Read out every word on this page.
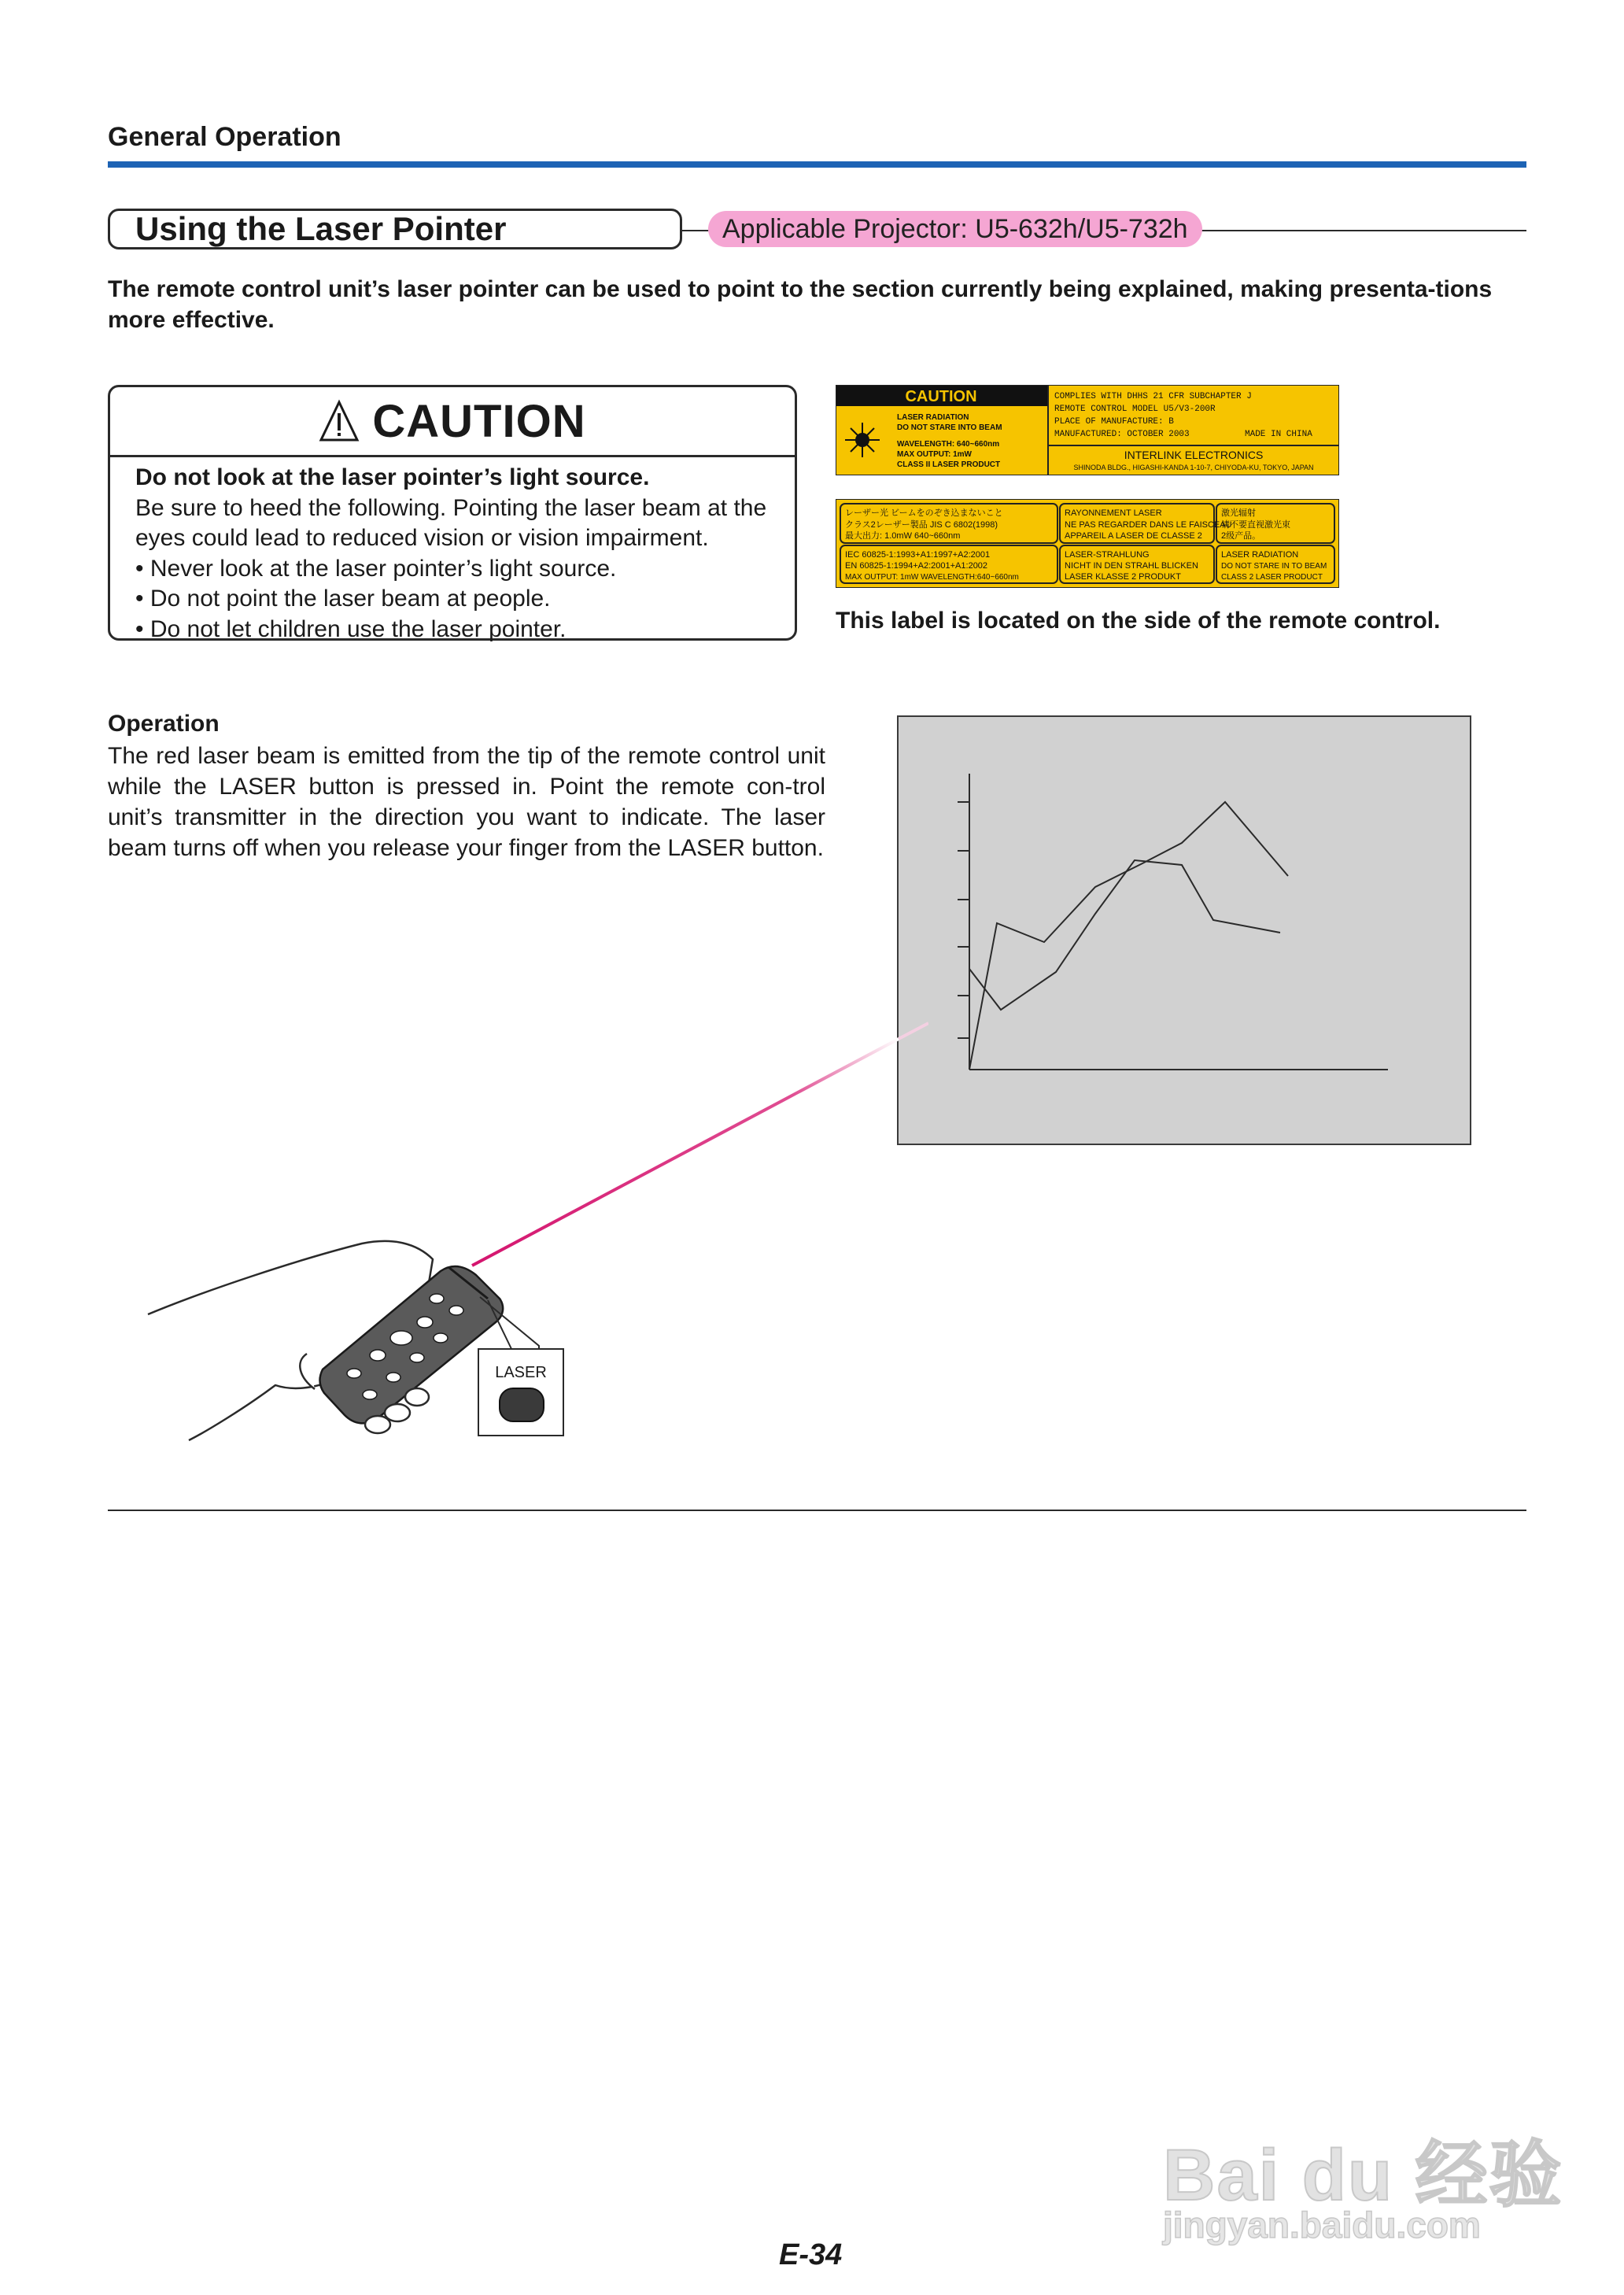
General Operation
Using the Laser Pointer	Applicable Projector: U5-632h/U5-732h
The remote control unit’s laser pointer can be used to point to the section currently being explained, making presenta-tions more effective.
CAUTION
Do not look at the laser pointer’s light source.
Be sure to heed the following. Pointing the laser beam at the eyes could lead to reduced vision or vision impairment.
• Never look at the laser pointer’s light source.
• Do not point the laser beam at people.
• Do not let children use the laser pointer.
CAUTION
LASER RADIATION
DO NOT STARE INTO BEAM
WAVELENGTH: 640~660nm
MAX OUTPUT: 1mW
CLASS II LASER PRODUCT
COMPLIES WITH DHHS 21 CFR SUBCHAPTER J
REMOTE CONTROL MODEL U5/V3-200R
PLACE OF MANUFACTURE: B
MANUFACTURED: OCTOBER 2003	MADE IN CHINA
INTERLINK ELECTRONICS
SHINODA BLDG., HIGASHI-KANDA 1-10-7, CHIYODA-KU, TOKYO, JAPAN
レーザー光 ビームをのぞき込まないこと
クラス2レーザー製品 JIS C 6802(1998)
最大出力: 1.0mW 640~660nm
RAYONNEMENT LASER
NE PAS REGARDER DANS LE FAISCEAU
APPAREIL A LASER DE CLASSE 2
激光辐射
请不要直视激光束
2级产品。
IEC 60825-1:1993+A1:1997+A2:2001
EN 60825-1:1994+A2:2001+A1:2002
MAX OUTPUT: 1mW WAVELENGTH:640~660nm
LASER-STRAHLUNG
NICHT IN DEN STRAHL BLICKEN
LASER KLASSE 2 PRODUKT
LASER RADIATION
DO NOT STARE IN TO BEAM
CLASS 2 LASER PRODUCT
This label is located on the side of the remote control.
Operation
The red laser beam is emitted from the tip of the remote control unit while the LASER button is pressed in. Point the remote con-trol unit’s transmitter in the direction you want to indicate. The laser beam turns off when you release your finger from the LASER button.
LASER
Bai du 经验
jingyan.baidu.com
E-34
